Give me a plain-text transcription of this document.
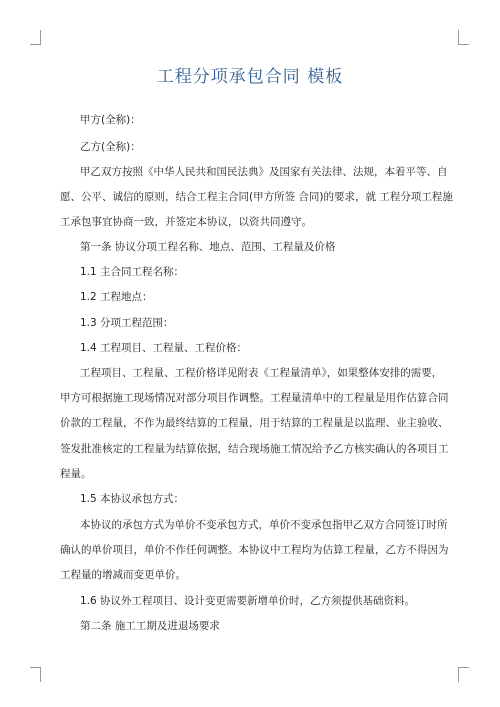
工程分项承包合同 模板
甲方(全称)：
乙方(全称)：
甲乙双方按照《中华人民共和国民法典》及国家有关法律、法规，本着平等、自
愿、公平、诚信的原则，结合工程主合同(甲方所签 合同)的要求，就 工程分项工程施
工承包事宜协商一致，并签定本协议，以资共同遵守。
第一条 协议分项工程名称、地点、范围、工程量及价格
1.1 主合同工程名称：
1.2 工程地点：
1.3 分项工程范围：
1.4 工程项目、工程量、工程价格：
工程项目、工程量、工程价格详见附表《工程量清单》，如果整体安排的需要，
甲方可根据施工现场情况对部分项目作调整。工程量清单中的工程量是用作估算合同
价款的工程量，不作为最终结算的工程量，用于结算的工程量是以监理、业主验收、
签发批准核定的工程量为结算依据，结合现场施工情况给予乙方核实确认的各项目工
程量。
1.5 本协议承包方式：
本协议的承包方式为单价不变承包方式，单价不变承包指甲乙双方合同签订时所
确认的单价项目，单价不作任何调整。本协议中工程均为估算工程量，乙方不得因为
工程量的增减而变更单价。
1.6 协议外工程项目、设计变更需要新增单价时，乙方须提供基础资料。
第二条 施工工期及进退场要求
